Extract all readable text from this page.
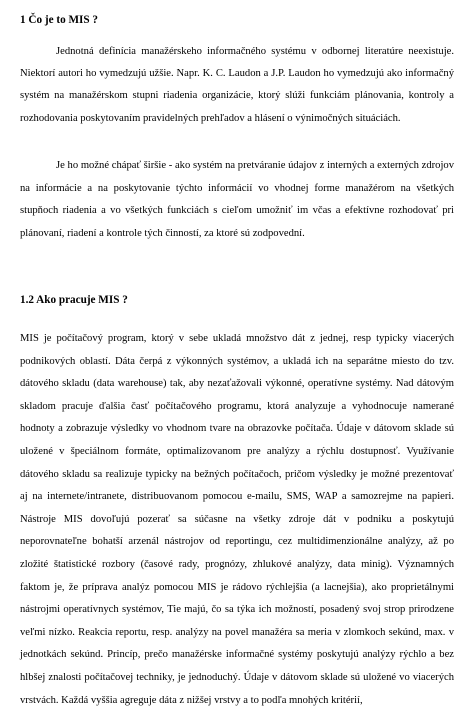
1 Čo je to MIS ?

Jednotná definícia manažérskeho informačného systému v odbornej literatúre neexistuje. Niektorí autori ho vymedzujú užšie. Napr. K. C. Laudon a J.P. Laudon ho vymedzujú ako informačný systém na manažérskom stupni riadenia organizácie, ktorý slúži funkciám plánovania, kontroly a rozhodovania poskytovaním pravidelných prehľadov a hlásení o výnimočných situáciách.

Je ho možné chápať širšie - ako systém na pretváranie údajov z interných a externých zdrojov na informácie a na poskytovanie týchto informácií vo vhodnej forme manažérom na všetkých stupňoch riadenia a vo všetkých funkciách s cieľom umožniť im včas a efektívne rozhodovať pri plánovaní, riadení a kontrole tých činností, za ktoré sú zodpovední.

1.2 Ako pracuje MIS ?

MIS je počítačový program, ktorý v sebe ukladá množstvo dát z jednej, resp typicky viacerých podnikových oblastí. Dáta čerpá z výkonných systémov, a ukladá ich na separátne miesto do tzv. dátového skladu (data warehouse) tak, aby nezaťažovali výkonné, operatívne systémy. Nad dátovým skladom pracuje ďalšia časť počítačového programu, ktorá analyzuje a vyhodnocuje namerané hodnoty a zobrazuje výsledky vo vhodnom tvare na obrazovke počítača. Údaje v dátovom sklade sú uložené v špeciálnom formáte, optimalizovanom pre analýzy a rýchlu dostupnosť. Využívanie dátového skladu sa realizuje typicky na bežných počítačoch, pričom výsledky je možné prezentovať aj na internete/intranete, distribuovanom pomocou e-mailu, SMS, WAP a samozrejme na papieri. Nástroje MIS dovoľujú pozerať sa súčasne na všetky zdroje dát v podniku a poskytujú neporovnateľne bohatší arzenál nástrojov od reportingu, cez multidimenzionálne analýzy, až po zložité štatistické rozbory (časové rady, prognózy, zhlukové analýzy, data minig). Významných faktom je, že príprava analýz pomocou MIS je rádovo rýchlejšia (a lacnejšia), ako proprietálnymi nástrojmi operatívnych systémov, Tie majú, čo sa týka ich možností, posadený svoj strop prirodzene veľmi nízko. Reakcia reportu, resp. analýzy na povel manažéra sa meria v zlomkoch sekúnd, max. v jednotkách sekúnd. Princíp, prečo manažérske informačné systémy poskytujú analýzy rýchlo a bez hlbšej znalosti počítačovej techniky, je jednoduchý. Údaje v dátovom sklade sú uložené vo viacerých vrstvách. Každá vyššia agreguje dáta z nižšej vrstvy a to podľa mnohých kritérií,
